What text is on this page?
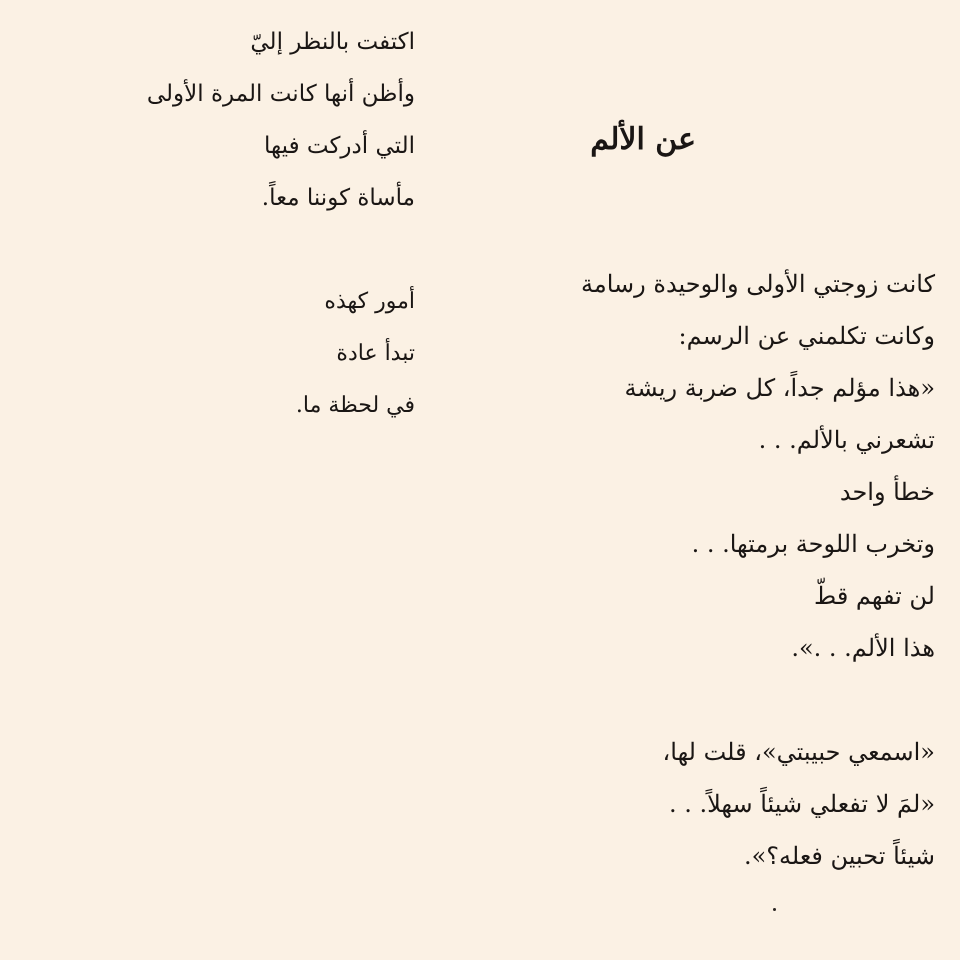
اكتفت بالنظر إليّ
وأظن أنها كانت المرة الأولى
التي أدركت فيها
مأساة كوننا معاً.
أمور كهذه
تبدأ عادة
في لحظة ما.
عن الألم
كانت زوجتي الأولى والوحيدة رسامة
وكانت تكلمني عن الرسم:
«هذا مؤلم جداً، كل ضربة ريشة
تشعرني بالألم. . .
خطأ واحد
وتخرب اللوحة برمتها. . .
لن تفهم قطّ
هذا الألم. . .».
«اسمعي حبيبتي»، قلت لها،
«لمَ لا تفعلي شيئاً سهلاً. . .
شيئاً تحبين فعله؟».
